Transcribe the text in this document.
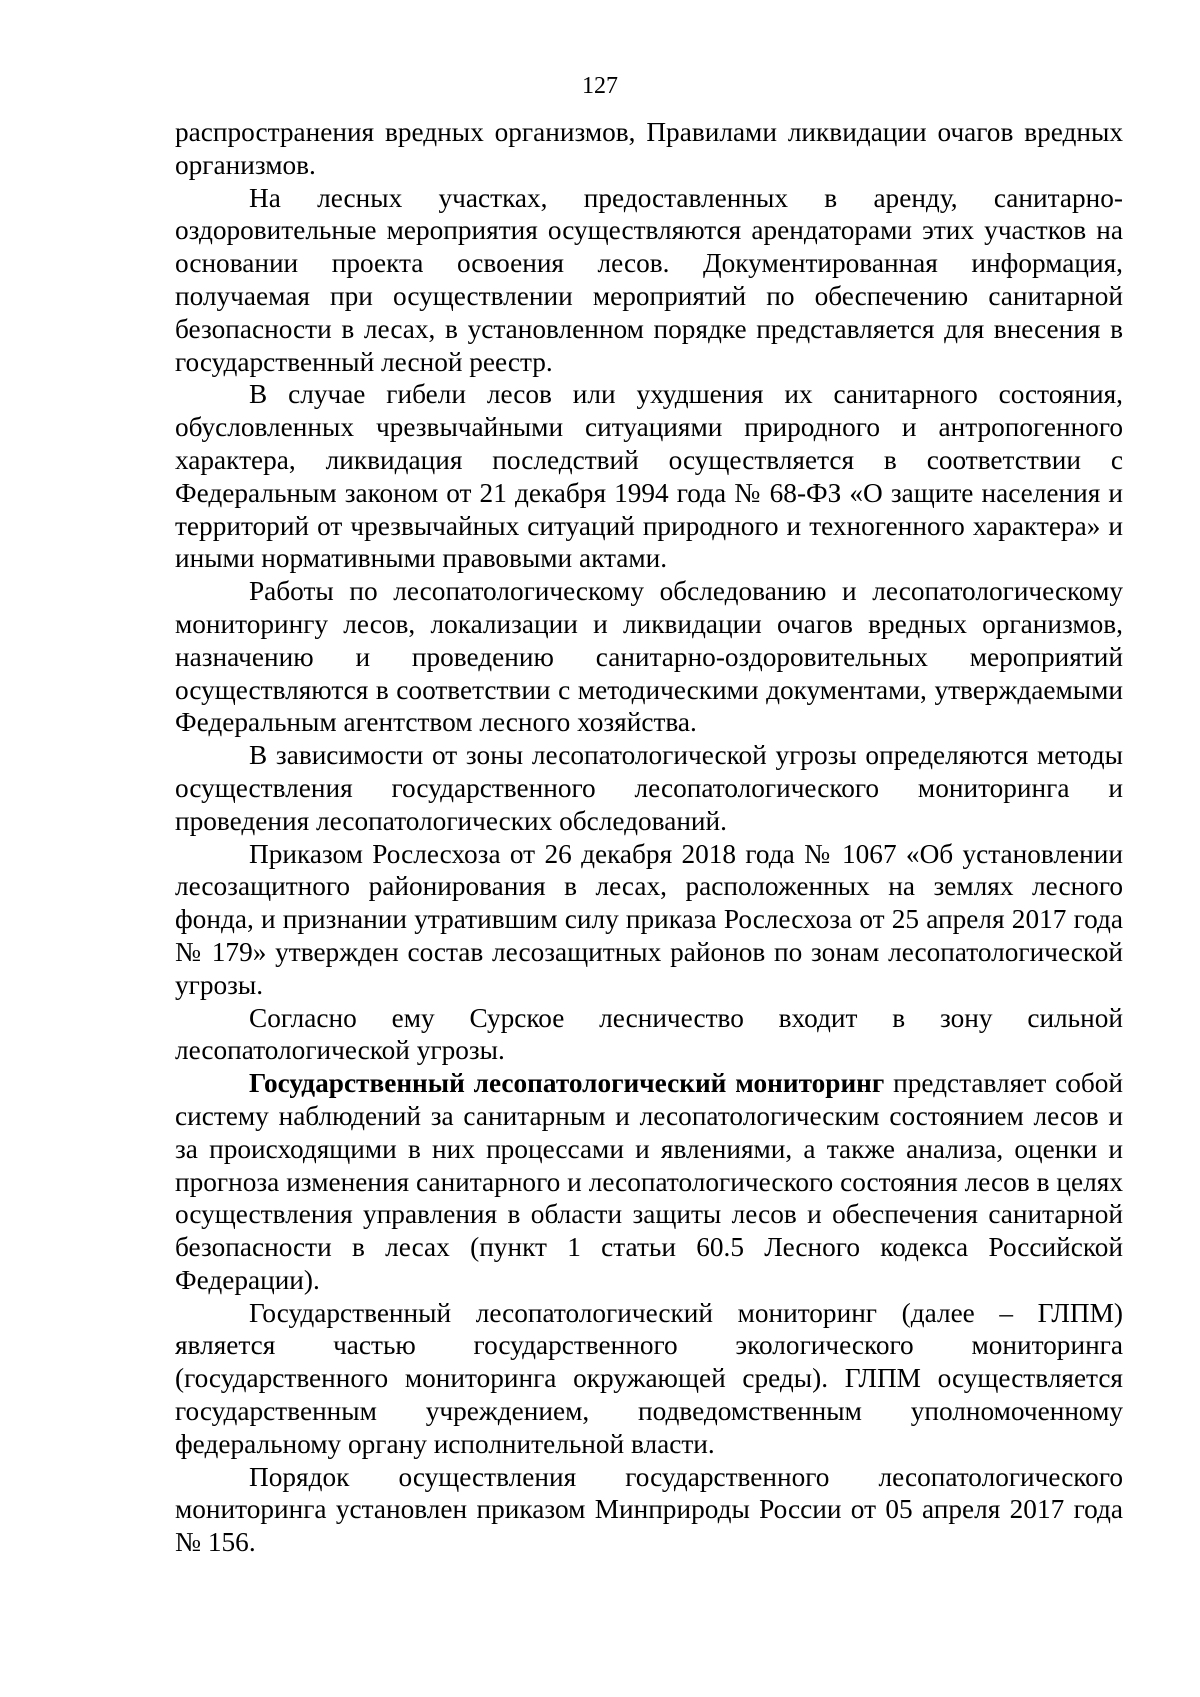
127

распространения вредных организмов, Правилами ликвидации очагов вредных организмов.

На лесных участках, предоставленных в аренду, санитарно-оздоровительные мероприятия осуществляются арендаторами этих участков на основании проекта освоения лесов. Документированная информация, получаемая при осуществлении мероприятий по обеспечению санитарной безопасности в лесах, в установленном порядке представляется для внесения в государственный лесной реестр.

В случае гибели лесов или ухудшения их санитарного состояния, обусловленных чрезвычайными ситуациями природного и антропогенного характера, ликвидация последствий осуществляется в соответствии с Федеральным законом от 21 декабря 1994 года № 68-ФЗ «О защите населения и территорий от чрезвычайных ситуаций природного и техногенного характера» и иными нормативными правовыми актами.

Работы по лесопатологическому обследованию и лесопатологическому мониторингу лесов, локализации и ликвидации очагов вредных организмов, назначению и проведению санитарно-оздоровительных мероприятий осуществляются в соответствии с методическими документами, утверждаемыми Федеральным агентством лесного хозяйства.

В зависимости от зоны лесопатологической угрозы определяются методы осуществления государственного лесопатологического мониторинга и проведения лесопатологических обследований.

Приказом Рослесхоза от 26 декабря 2018 года № 1067 «Об установлении лесозащитного районирования в лесах, расположенных на землях лесного фонда, и признании утратившим силу приказа Рослесхоза от 25 апреля 2017 года № 179» утвержден состав лесозащитных районов по зонам лесопатологической угрозы.

Согласно ему Сурское лесничество входит в зону сильной лесопатологической угрозы.

Государственный лесопатологический мониторинг представляет собой систему наблюдений за санитарным и лесопатологическим состоянием лесов и за происходящими в них процессами и явлениями, а также анализа, оценки и прогноза изменения санитарного и лесопатологического состояния лесов в целях осуществления управления в области защиты лесов и обеспечения санитарной безопасности в лесах (пункт 1 статьи 60.5 Лесного кодекса Российской Федерации).

Государственный лесопатологический мониторинг (далее – ГЛПМ) является частью государственного экологического мониторинга (государственного мониторинга окружающей среды). ГЛПМ осуществляется государственным учреждением, подведомственным уполномоченному федеральному органу исполнительной власти.

Порядок осуществления государственного лесопатологического мониторинга установлен приказом Минприроды России от 05 апреля 2017 года № 156.
